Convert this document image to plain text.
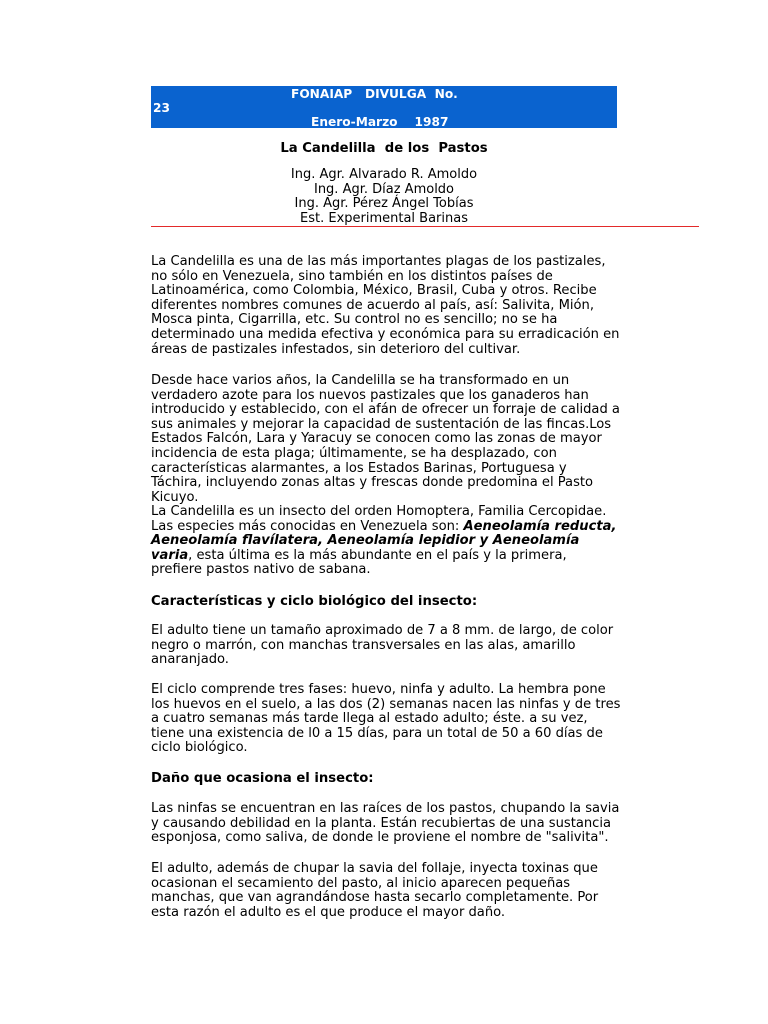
FONAIAP   DIVULGA  No.
23
Enero-Marzo    1987
La Candelilla  de los  Pastos
Ing. Agr. Alvarado R. Amoldo
Ing. Agr. Díaz Amoldo
Ing. Agr. Pérez Ángel Tobías
Est. Experimental Barinas
La Candelilla es una de las más importantes plagas de los pastizales, no sólo en Venezuela, sino también en los distintos países de Latinoamérica, como Colombia, México, Brasil, Cuba y otros. Recibe diferentes nombres comunes de acuerdo al país, así: Salivita, Mión, Mosca pinta, Cigarrilla, etc. Su control no es sencillo; no se ha determinado una medida efectiva y económica para su erradicación en áreas de pastizales infestados, sin deterioro del cultivar.
Desde hace varios años, la Candelilla se ha transformado en un verdadero azote para los nuevos pastizales que los ganaderos han introducido y establecido, con el afán de ofrecer un forraje de calidad a sus animales y mejorar la capacidad de sustentación de las fincas.Los Estados Falcón, Lara y Yaracuy se conocen como las zonas de mayor incidencia de esta plaga; últimamente, se ha desplazado, con características alarmantes, a los Estados Barinas, Portuguesa y Táchira, incluyendo zonas altas y frescas donde predomina el Pasto Kicuyo.
La Candelilla es un insecto del orden Homoptera, Familia Cercopidae. Las especies más conocidas en Venezuela son: Aeneolamía reducta, Aeneolamía flavílatera, Aeneolamía lepidior y Aeneolamía varia, esta última es la más abundante en el país y la primera, prefiere pastos nativo de sabana.
Características y ciclo biológico del insecto:
El adulto tiene un tamaño aproximado de 7 a 8 mm. de largo, de color negro o marrón, con manchas transversales en las alas, amarillo anaranjado.
El ciclo comprende tres fases: huevo, ninfa y adulto. La hembra pone los huevos en el suelo, a las dos (2) semanas nacen las ninfas y de tres a cuatro semanas más tarde llega al estado adulto; éste. a su vez, tiene una existencia de l0 a 15 días, para un total de 50 a 60 días de ciclo biológico.
Daño que ocasiona el insecto:
Las ninfas se encuentran en las raíces de los pastos, chupando la savia y causando debilidad en la planta. Están recubiertas de una sustancia esponjosa, como saliva, de donde le proviene el nombre de "salivita".
El adulto, además de chupar la savia del follaje, inyecta toxinas que ocasionan el secamiento del pasto, al inicio aparecen pequeñas manchas, que van agrandándose hasta secarlo completamente. Por esta razón el adulto es el que produce el mayor daño.
